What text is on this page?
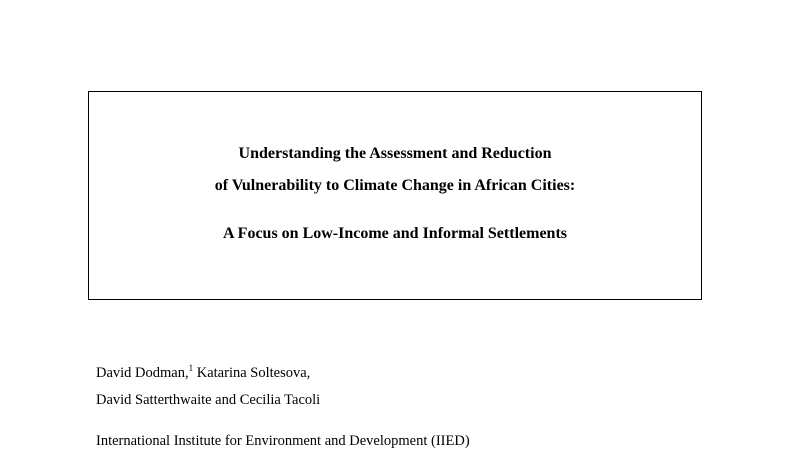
Understanding the Assessment and Reduction
of Vulnerability to Climate Change in African Cities:
A Focus on Low-Income and Informal Settlements
David Dodman,$^1$ Katarina Soltesova,
David Satterthwaite and Cecilia Tacoli
International Institute for Environment and Development (IIED)
